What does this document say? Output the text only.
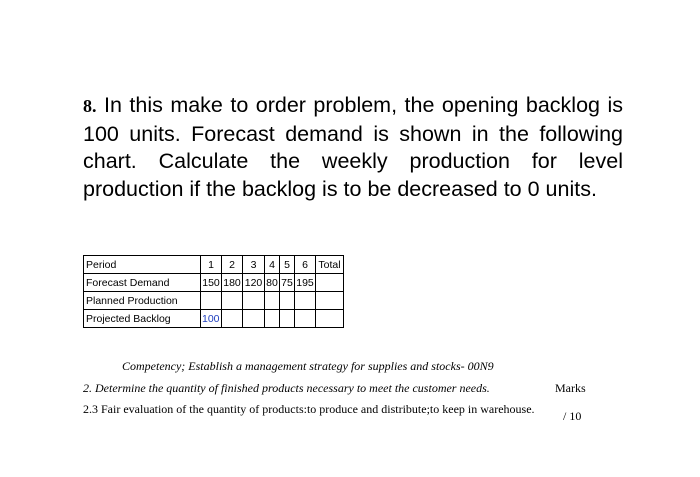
8. In this make to order problem, the opening backlog is 100 units. Forecast demand is shown in the following chart. Calculate the weekly production for level production if the backlog is to be decreased to 0 units.
Period	1	2	3	4	5	6	Total
Forecast Demand	150	180	120	80	75	195	
Planned Production							
Projected Backlog	100						
Competency; Establish a management strategy for supplies and stocks- 00N9
2. Determine the quantity of finished products necessary to meet the customer needs.	Marks
2.3 Fair evaluation of the quantity of products:to produce and distribute;to keep in warehouse.	/ 10
